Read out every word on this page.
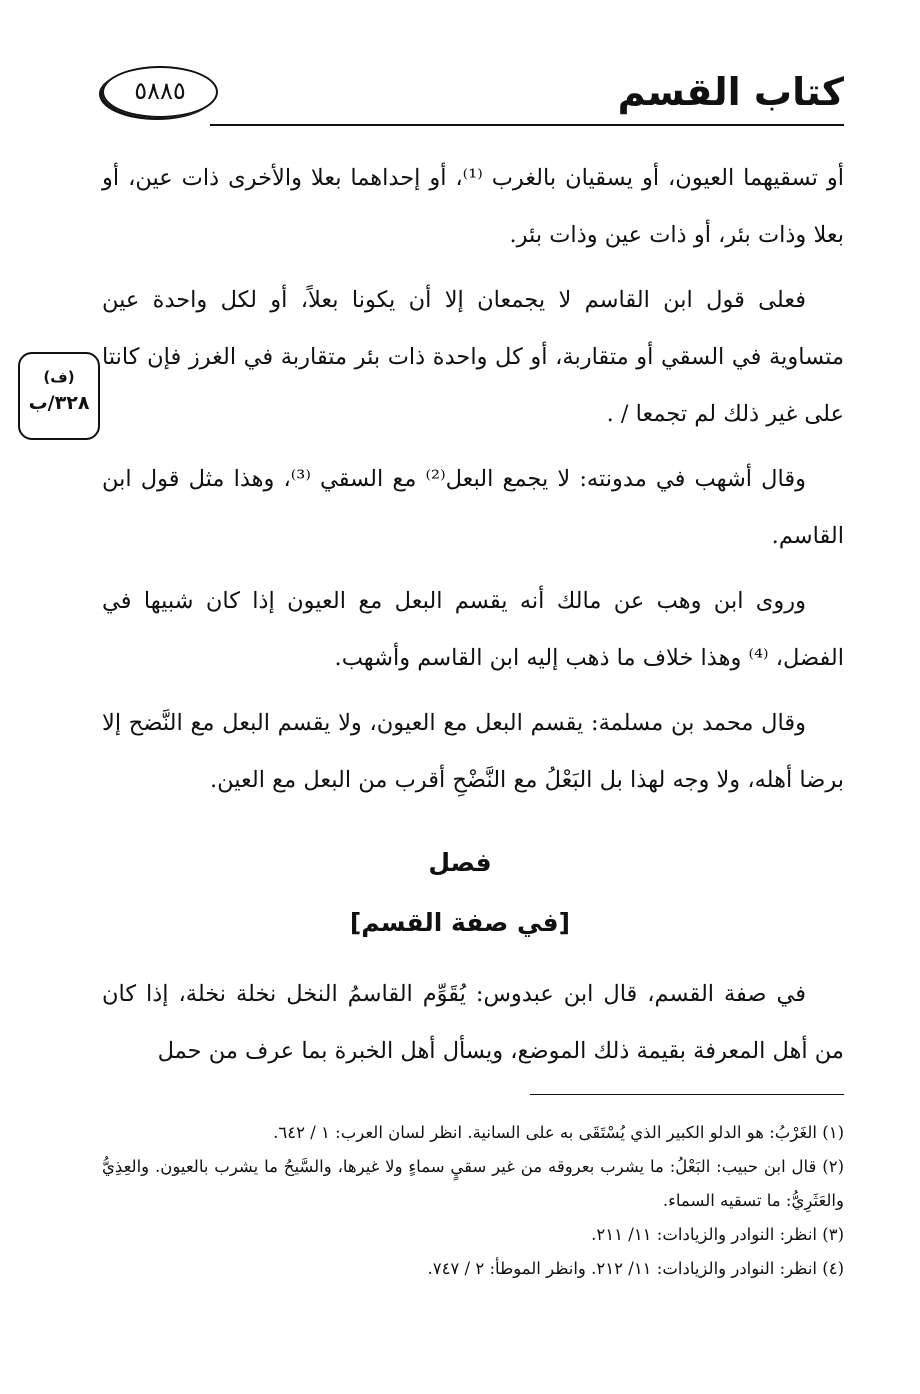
كتاب القسم
٥٨٨٥
(ف)
٣٢٨/ب

أو تسقيهما العيون، أو يسقيان بالغرب ⁽¹⁾، أو إحداهما بعلا والأخرى ذات عين، أو بعلا وذات بئر، أو ذات عين وذات بئر.

فعلى قول ابن القاسم لا يجمعان إلا أن يكونا بعلاً، أو لكل واحدة عين متساوية في السقي أو متقاربة، أو كل واحدة ذات بئر متقاربة في الغرز فإن كانتا على غير ذلك لم تجمعا / .

وقال أشهب في مدونته: لا يجمع البعل⁽²⁾ مع السقي ⁽³⁾، وهذا مثل قول ابن القاسم.

وروى ابن وهب عن مالك أنه يقسم البعل مع العيون إذا كان شبيها في الفضل، ⁽⁴⁾ وهذا خلاف ما ذهب إليه ابن القاسم وأشهب.

وقال محمد بن مسلمة: يقسم البعل مع العيون، ولا يقسم البعل مع النَّضح إلا برضا أهله، ولا وجه لهذا بل البَعْلُ مع النَّضْحِ أقرب من البعل مع العين.

فصل
[في صفة القسم]

في صفة القسم، قال ابن عبدوس: يُقَوِّم القاسمُ النخل نخلة نخلة، إذا كان من أهل المعرفة بقيمة ذلك الموضع، ويسأل أهل الخبرة بما عرف من حمل

(١) الغَرْبُ: هو الدلو الكبير الذي يُسْتَقَى به على السانية. انظر لسان العرب: ١ / ٦٤٢.

(٢) قال ابن حبيب: البَعْلُ: ما يشرب بعروقه من غير سقيٍ سماءٍ ولا غيرها، والسَّيحُ ما يشرب بالعيون. والعِذِيُّ والعَثَرِيُّ: ما تسقيه السماء.

(٣) انظر: النوادر والزيادات: ١١/ ٢١١.

(٤) انظر: النوادر والزيادات: ١١/ ٢١٢. وانظر الموطأ: ٢ / ٧٤٧.
